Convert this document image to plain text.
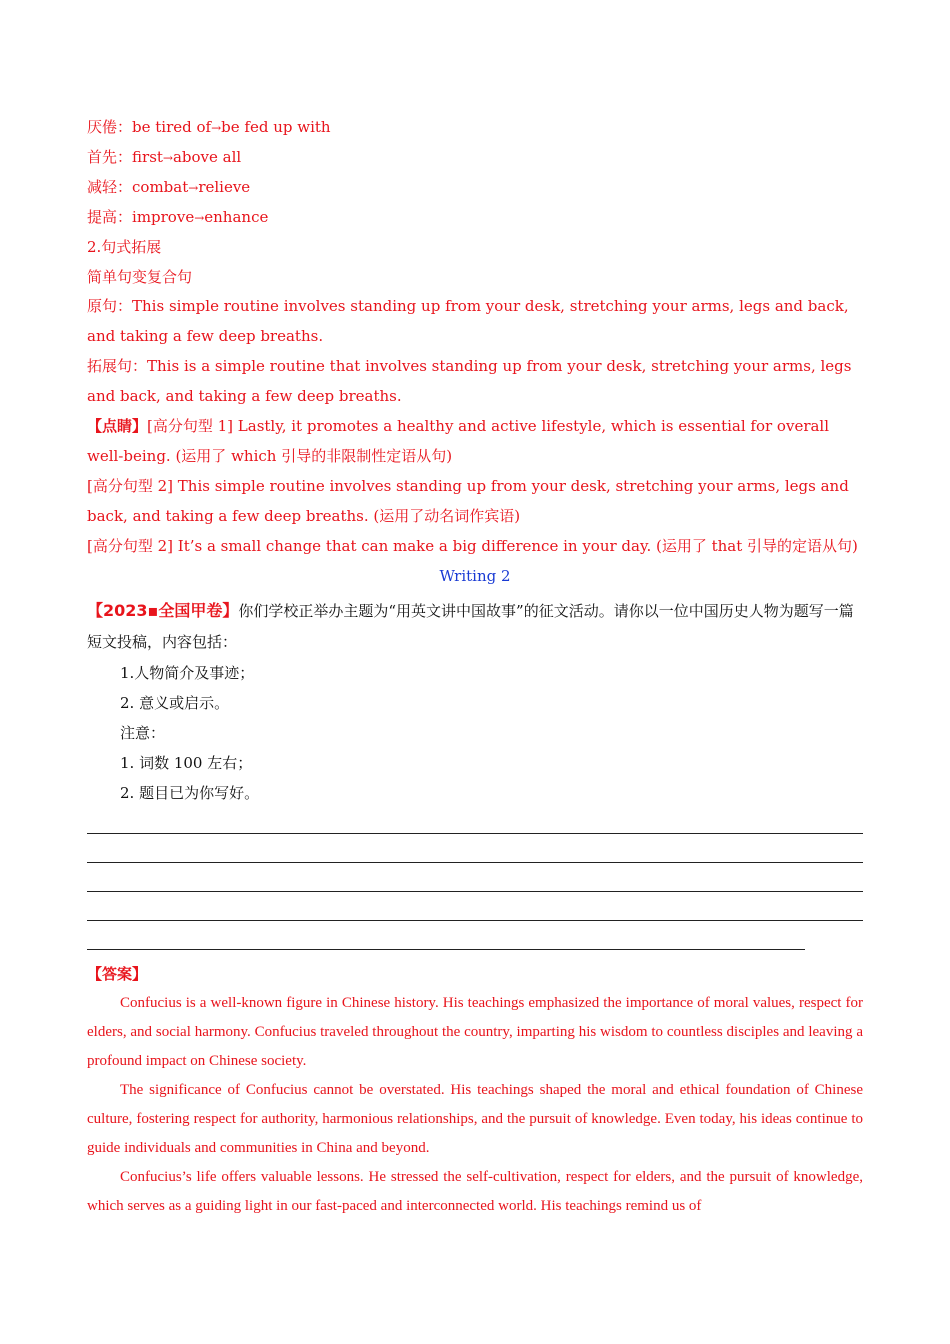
厌倦：be tired of→be fed up with
首先：first→above all
减轻：combat→relieve
提高：improve→enhance
2.句式拓展
简单句变复合句
原句：This simple routine involves standing up from your desk, stretching your arms, legs and back, and taking a few deep breaths.
拓展句：This is a simple routine that involves standing up from your desk, stretching your arms, legs and back, and taking a few deep breaths.
【点睛】[高分句型 1] Lastly, it promotes a healthy and active lifestyle, which is essential for overall well-being. (运用了 which 引导的非限制性定语从句)
[高分句型 2] This simple routine involves standing up from your desk, stretching your arms, legs and back, and taking a few deep breaths. (运用了动名词作宾语)
[高分句型 2] It’s a small change that can make a big difference in your day. (运用了 that 引导的定语从句)
Writing 2
【2023▪全国甲卷】你们学校正举办主题为“用英文讲中国故事”的征文活动。请你以一位中国历史人物为题写一篇短文投稿，内容包括：
1.人物简介及事迹；
2. 意义或启示。
注意：
1. 词数 100 左右；
2. 题目已为你写好。
【答案】

Confucius is a well-known figure in Chinese history. His teachings emphasized the importance of moral values, respect for elders, and social harmony. Confucius traveled throughout the country, imparting his wisdom to countless disciples and leaving a profound impact on Chinese society.

The significance of Confucius cannot be overstated. His teachings shaped the moral and ethical foundation of Chinese culture, fostering respect for authority, harmonious relationships, and the pursuit of knowledge. Even today, his ideas continue to guide individuals and communities in China and beyond.

Confucius’s life offers valuable lessons. He stressed the self-cultivation, respect for elders, and the pursuit of knowledge, which serves as a guiding light in our fast-paced and interconnected world. His teachings remind us of
